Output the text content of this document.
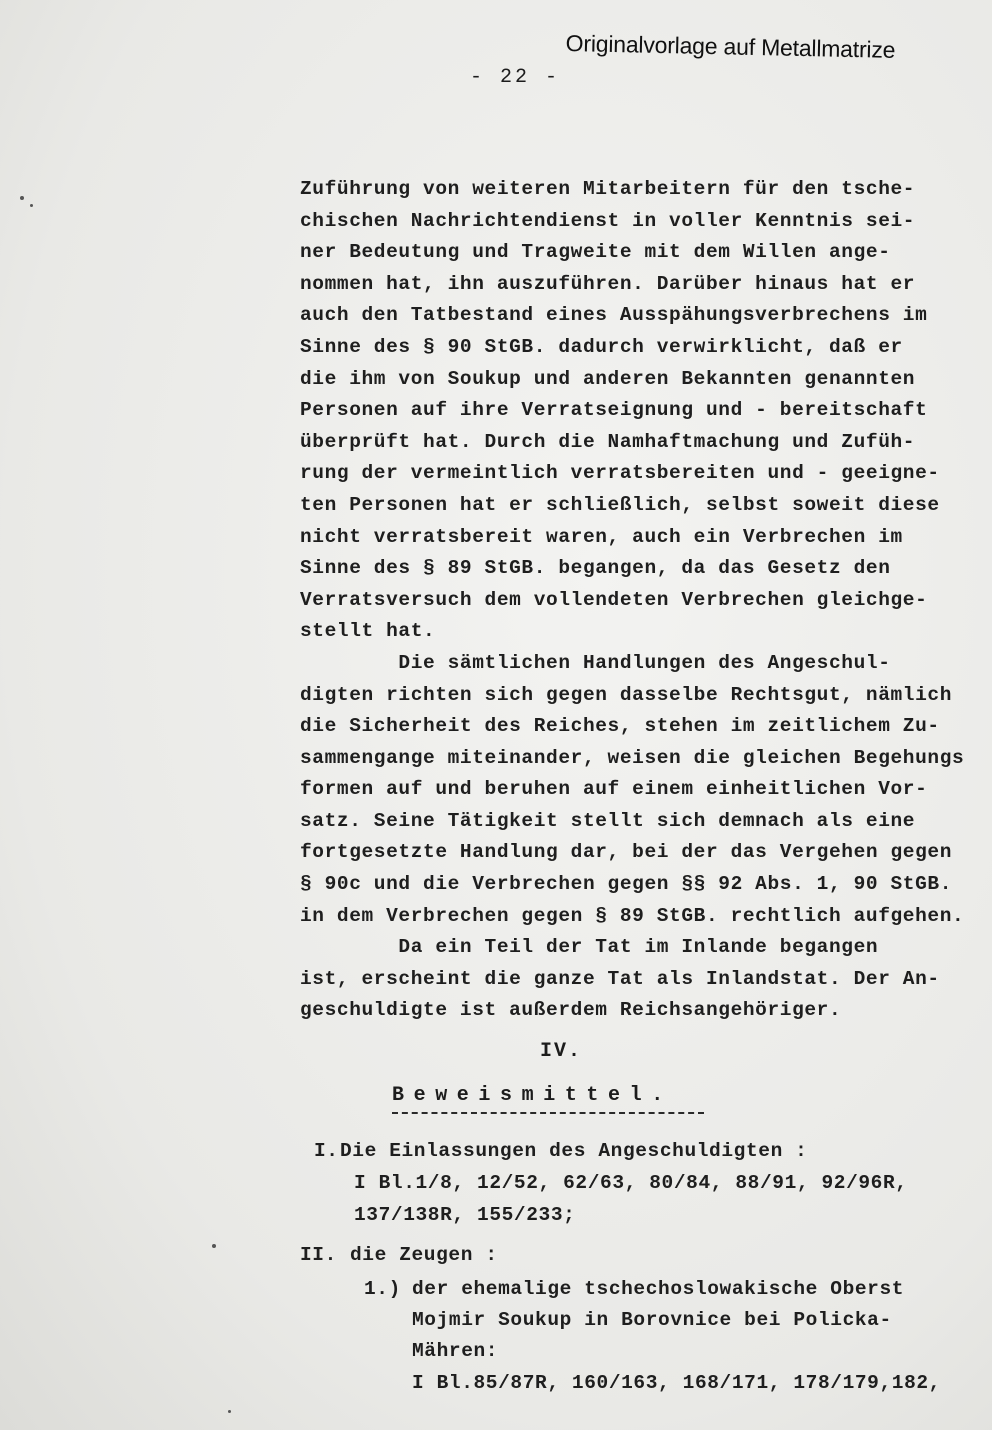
Originalvorlage auf Metallmatrize
- 22 -
Zuführung von weiteren Mitarbeitern für den tsche-
chischen Nachrichtendienst in voller Kenntnis sei-
ner Bedeutung und Tragweite mit dem Willen ange-
nommen hat, ihn auszuführen. Darüber hinaus hat er
auch den Tatbestand eines Ausspähungsverbrechens im
Sinne des § 90 StGB. dadurch verwirklicht, daß er
die ihm von Soukup und anderen Bekannten genannten
Personen auf ihre Verratseignung und - bereitschaft
überprüft hat. Durch die Namhaftmachung und Zufüh-
rung der vermeintlich verratsbereiten und - geeigne-
ten Personen hat er schließlich, selbst soweit diese
nicht verratsbereit waren, auch ein Verbrechen im
Sinne des § 89 StGB. begangen, da das Gesetz den
Verratsversuch dem vollendeten Verbrechen gleichge-
stellt hat.
Die sämtlichen Handlungen des Angeschul-
digten richten sich gegen dasselbe Rechtsgut, nämlich
die Sicherheit des Reiches, stehen im zeitlichem Zu-
sammengange miteinander, weisen die gleichen Begehungs
formen auf und beruhen auf einem einheitlichen Vor-
satz. Seine Tätigkeit stellt sich demnach als eine
fortgesetzte Handlung dar, bei der das Vergehen gegen
§ 90c und die Verbrechen gegen §§ 92 Abs. 1, 90 StGB.
in dem Verbrechen gegen § 89 StGB. rechtlich aufgehen.
Da ein Teil der Tat im Inlande begangen
ist, erscheint die ganze Tat als Inlandstat. Der An-
geschuldigte ist außerdem Reichsangehöriger.
IV.
Beweismittel.
I. Die Einlassungen des Angeschuldigten :
I Bl.1/8, 12/52, 62/63, 80/84, 88/91, 92/96R,
137/138R, 155/233;
II. die Zeugen :
1.) der ehemalige tschechoslowakische Oberst
Mojmir Soukup in Borovnice bei Policka-
Mähren:
I Bl.85/87R, 160/163, 168/171, 178/179,182,
